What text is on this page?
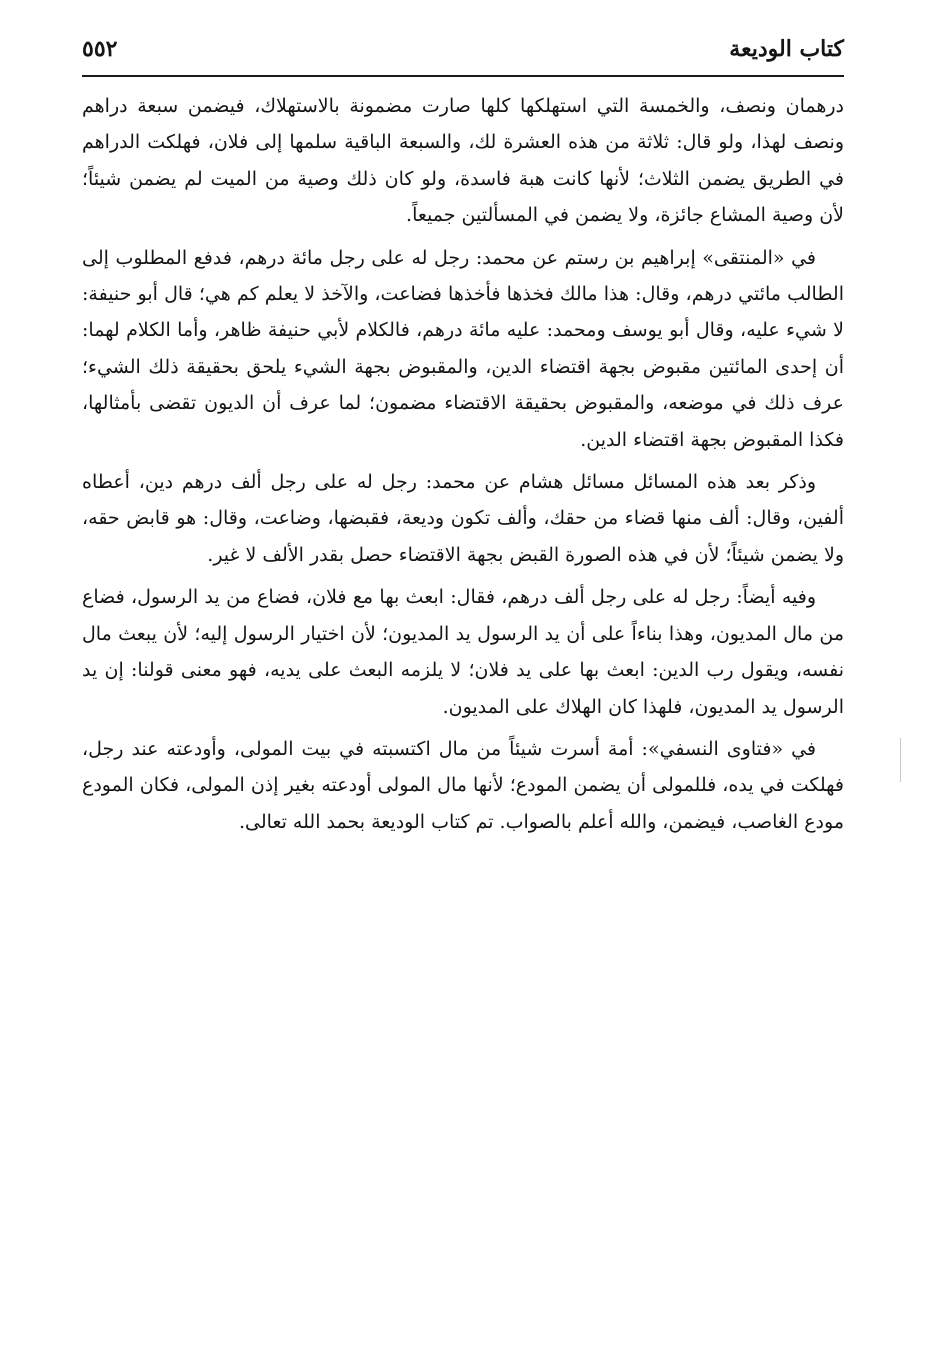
كتاب الوديعة
٥٥٢

درهمان ونصف، والخمسة التي استهلكها كلها صارت مضمونة بالاستهلاك، فيضمن سبعة دراهم ونصف لهذا، ولو قال: ثلاثة من هذه العشرة لك، والسبعة الباقية سلمها إلى فلان، فهلكت الدراهم في الطريق يضمن الثلاث؛ لأنها كانت هبة فاسدة، ولو كان ذلك وصية من الميت لم يضمن شيئاً؛ لأن وصية المشاع جائزة، ولا يضمن في المسألتين جميعاً.

في «المنتقى» إبراهيم بن رستم عن محمد: رجل له على رجل مائة درهم، فدفع المطلوب إلى الطالب مائتي درهم، وقال: هذا مالك فخذها فأخذها فضاعت، والآخذ لا يعلم كم هي؛ قال أبو حنيفة: لا شيء عليه، وقال أبو يوسف ومحمد: عليه مائة درهم، فالكلام لأبي حنيفة ظاهر، وأما الكلام لهما: أن إحدى المائتين مقبوض بجهة اقتضاء الدين، والمقبوض بجهة الشيء يلحق بحقيقة ذلك الشيء؛ عرف ذلك في موضعه، والمقبوض بحقيقة الاقتضاء مضمون؛ لما عرف أن الديون تقضى بأمثالها، فكذا المقبوض بجهة اقتضاء الدين.

وذكر بعد هذه المسائل مسائل هشام عن محمد: رجل له على رجل ألف درهم دين، أعطاه ألفين، وقال: ألف منها قضاء من حقك، وألف تكون وديعة، فقبضها، وضاعت، وقال: هو قابض حقه، ولا يضمن شيئاً؛ لأن في هذه الصورة القبض بجهة الاقتضاء حصل بقدر الألف لا غير.

وفيه أيضاً: رجل له على رجل ألف درهم، فقال: ابعث بها مع فلان، فضاع من يد الرسول، فضاع من مال المديون، وهذا بناءاً على أن يد الرسول يد المديون؛ لأن اختيار الرسول إليه؛ لأن يبعث مال نفسه، ويقول رب الدين: ابعث بها على يد فلان؛ لا يلزمه البعث على يديه، فهو معنى قولنا: إن يد الرسول يد المديون، فلهذا كان الهلاك على المديون.

في «فتاوى النسفي»: أمة أسرت شيئاً من مال اكتسبته في بيت المولى، وأودعته عند رجل، فهلكت في يده، فللمولى أن يضمن المودع؛ لأنها مال المولى أودعته بغير إذن المولى، فكان المودع مودع الغاصب، فيضمن، والله أعلم بالصواب. تم كتاب الوديعة بحمد الله تعالى.
